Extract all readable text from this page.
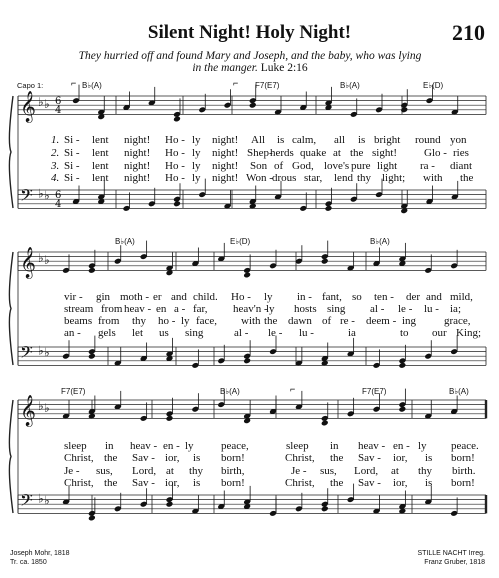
Silent Night! Holy Night!	210
They hurried off and found Mary and Joseph, and the baby, who was lying
in the manger. Luke 2:16
Capo 1:	B♭(A)
⌐	F7(E7)
⌐	B♭(A)	E♭(D)
B♭(A)	E♭(D)	B♭(A)
F7(E7)	B♭(A)	⌐	F7(E7)	B♭(A)
𝄞 ♭ ♭ 6
4
𝄢 ♭ ♭ 6
4
𝄞 ♭ ♭
𝄢 ♭ ♭
𝄞 ♭ ♭
𝄢 ♭ ♭
1. Si - lent night! Ho - ly night! All is calm, all is bright round yon
2. Si - lent night! Ho - ly night! Shep-
herds quake at the sight! Glo - ries
3. Si - lent night! Ho - ly night! Son of God, love's pure light ra - diant
4. Si - lent night! Ho - ly night! Won - drous star, lend thy light; with the
vir - gin moth - er and child. Ho - ly in - fant, so ten - der and mild,
stream from heav - en a - far, heav'n -
ly hosts sing al - le - lu - ia;
beams from thy ho - ly face, with the dawn of re - deem - ing	grace,
an - gels let us sing	al - le - lu -	ia	to our King;
sleep in heav - en - ly peace,	sleep in heav - en - ly peace.
Christ, the Sav - ior, is born!	Christ, the Sav - ior, is born!
Je - sus, Lord, at thy birth,	Je - sus, Lord, at thy birth.
Christ, the Sav - ior, is born!	Christ, the Sav - ior, is born!
Joseph Mohr, 1818
Tr. ca. 1850
STILLE NACHT Irreg.
Franz Gruber, 1818
